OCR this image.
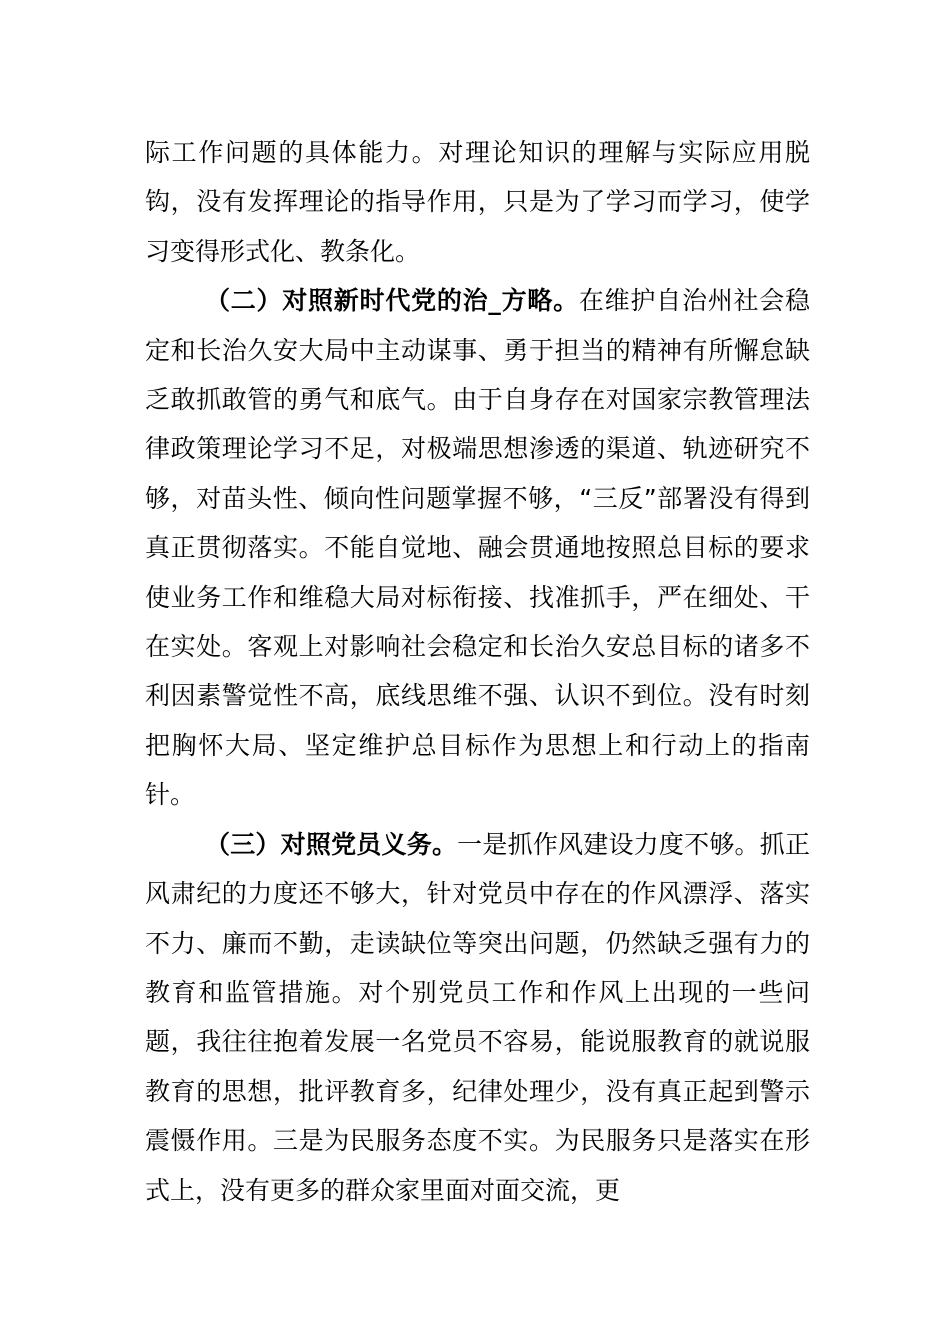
际工作问题的具体能力。对理论知识的理解与实际应用脱钩，没有发挥理论的指导作用，只是为了学习而学习，使学习变得形式化、教条化。

（二）对照新时代党的治_方略。在维护自治州社会稳定和长治久安大局中主动谋事、勇于担当的精神有所懈怠缺乏敢抓敢管的勇气和底气。由于自身存在对国家宗教管理法律政策理论学习不足，对极端思想渗透的渠道、轨迹研究不够，对苗头性、倾向性问题掌握不够，“三反”部署没有得到真正贯彻落实。不能自觉地、融会贯通地按照总目标的要求使业务工作和维稳大局对标衔接、找准抓手，严在细处、干在实处。客观上对影响社会稳定和长治久安总目标的诸多不利因素警觉性不高，底线思维不强、认识不到位。没有时刻把胸怀大局、坚定维护总目标作为思想上和行动上的指南针。

（三）对照党员义务。一是抓作风建设力度不够。抓正风肃纪的力度还不够大，针对党员中存在的作风漂浮、落实不力、廉而不勤，走读缺位等突出问题，仍然缺乏强有力的教育和监管措施。对个别党员工作和作风上出现的一些问题，我往往抱着发展一名党员不容易，能说服教育的就说服教育的思想，批评教育多，纪律处理少，没有真正起到警示震慑作用。三是为民服务态度不实。为民服务只是落实在形式上，没有更多的群众家里面对面交流，更
